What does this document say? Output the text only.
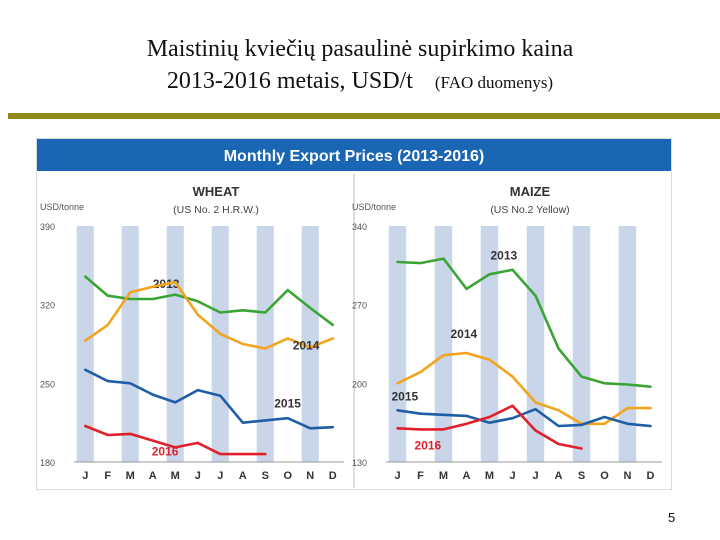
Maistinių kviečių pasaulinė supirkimo kaina
2013-2016 metais, USD/t (FAO duomenys)
Monthly Export Prices (2013-2016)
180
250
320
390
USD/tonne
WHEAT
(US No. 2 H.R.W.)
J F M A M J J A S O N D
2013
2014
2015
2016
130
200
270
340
USD/tonne
MAIZE
(US No.2 Yellow)
J F M A M J J A S O N D
2013
2014
2015
2016
5
